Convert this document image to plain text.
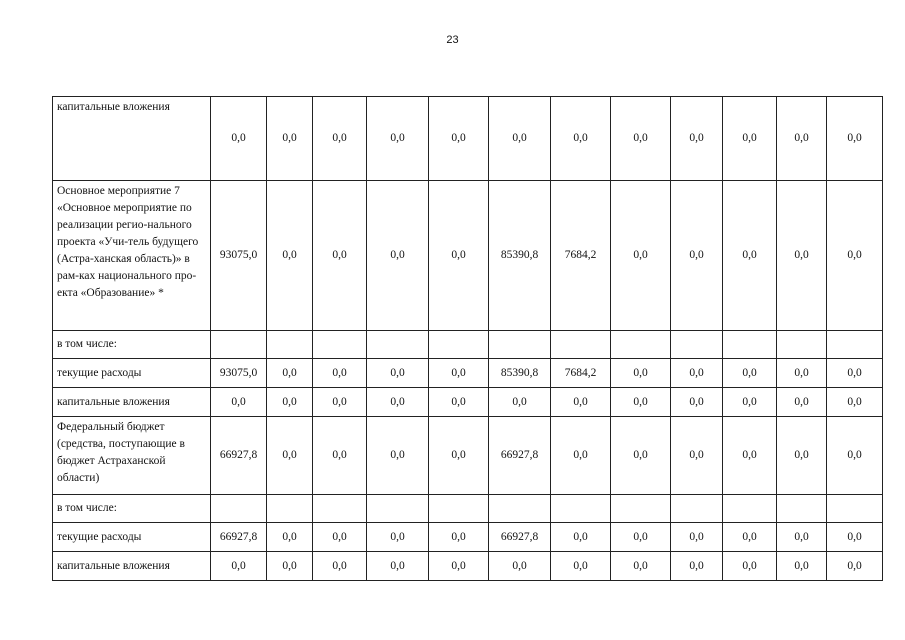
23
капитальные вложения	0,0	0,0	0,0	0,0	0,0	0,0	0,0	0,0	0,0	0,0	0,0	0,0
Основное мероприятие 7 «Основное мероприятие по реализации регио-нального проекта «Учи-тель будущего (Астра-ханская область)» в рам-ках национального про-екта «Образование» *	93075,0	0,0	0,0	0,0	0,0	85390,8	7684,2	0,0	0,0	0,0	0,0	0,0
в том числе:												
текущие расходы	93075,0	0,0	0,0	0,0	0,0	85390,8	7684,2	0,0	0,0	0,0	0,0	0,0
капитальные вложения	0,0	0,0	0,0	0,0	0,0	0,0	0,0	0,0	0,0	0,0	0,0	0,0
Федеральный бюджет (средства, поступающие в бюджет Астраханской области)	66927,8	0,0	0,0	0,0	0,0	66927,8	0,0	0,0	0,0	0,0	0,0	0,0
в том числе:												
текущие расходы	66927,8	0,0	0,0	0,0	0,0	66927,8	0,0	0,0	0,0	0,0	0,0	0,0
капитальные вложения	0,0	0,0	0,0	0,0	0,0	0,0	0,0	0,0	0,0	0,0	0,0	0,0
